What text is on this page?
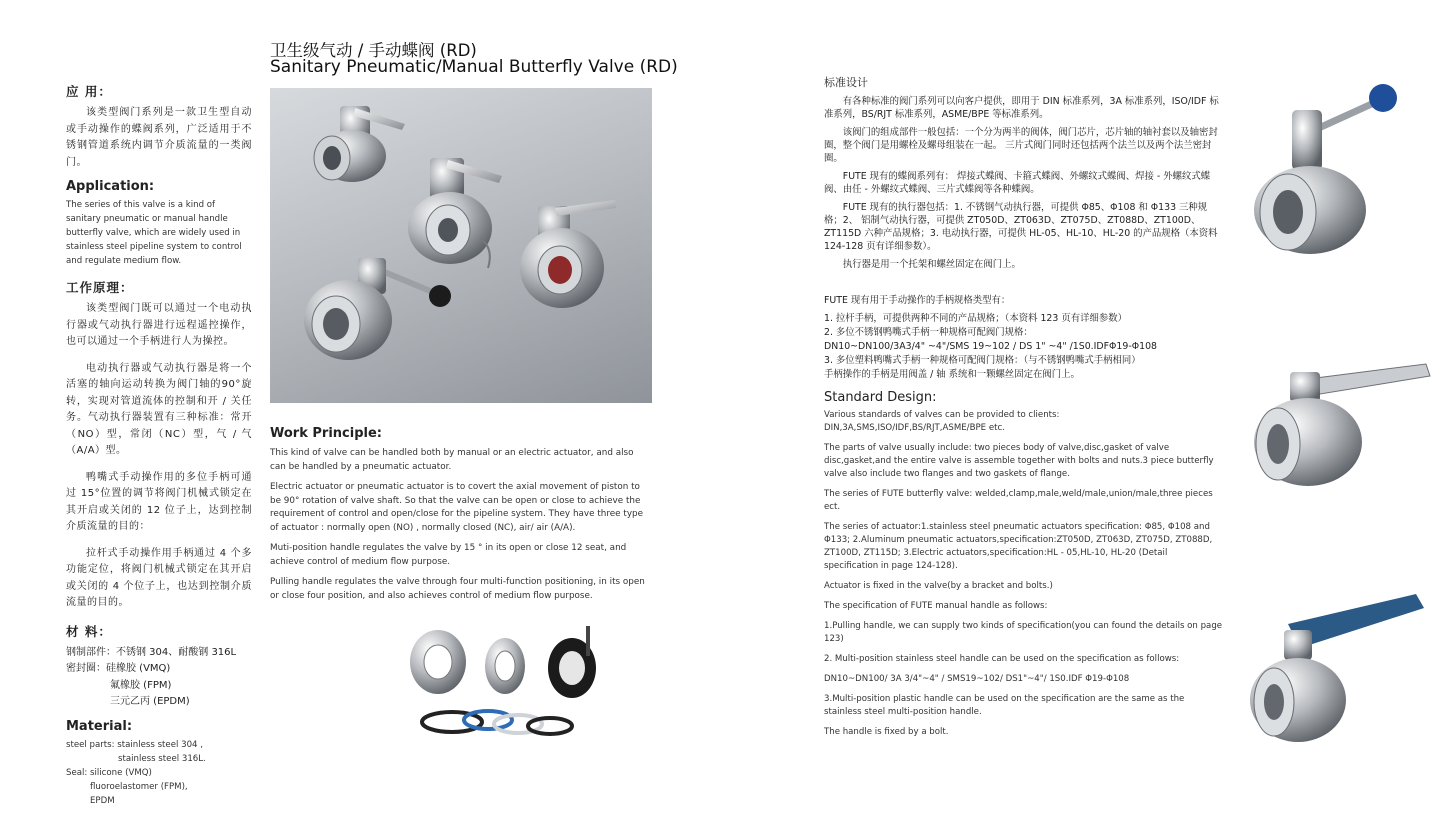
卫生级气动 / 手动蝶阀 (RD)
Sanitary Pneumatic/Manual Butterfly Valve (RD)
应 用：
该类型阀门系列是一款卫生型自动或手动操作的蝶阀系列，广泛适用于不锈钢管道系统内调节介质流量的一类阀门。
Application:
The series of this valve is a kind of sanitary pneumatic or manual handle butterfly valve, which are widely used in stainless steel pipeline system to control and regulate medium flow.
工作原理：
该类型阀门既可以通过一个电动执行器或气动执行器进行远程遥控操作，也可以通过一个手柄进行人为操控。
电动执行器或气动执行器是将一个活塞的轴向运动转换为阀门轴的90°旋转，实现对管道流体的控制和开 / 关任务。气动执行器装置有三种标准：常开（NO）型，常闭（NC）型，气 / 气（A/A）型。
鸭嘴式手动操作用的多位手柄可通过 15°位置的调节将阀门机械式锁定在其开启或关闭的 12 位子上，达到控制介质流量的目的：
拉杆式手动操作用手柄通过 4 个多功能定位，将阀门机械式锁定在其开启或关闭的 4 个位子上，也达到控制介质流量的目的。
材 料：
钢制部件：不锈钢 304、耐酸钢 316L
密封圈：硅橡胶 (VMQ)
氟橡胶 (FPM)
三元乙丙 (EPDM)
Material:
steel parts: stainless steel 304 ,
stainless steel 316L.
Seal: silicone (VMQ)
fluoroelastomer (FPM),
EPDM
Work Principle:
This kind of valve can be handled both by manual or an electric actuator, and also can be handled by a pneumatic actuator.
Electric actuator or pneumatic actuator is to covert the axial movement of piston to be 90° rotation of valve shaft. So that the valve can be open or close to achieve the requirement of control and open/close for the pipeline system. They have three type of actuator : normally open (NO) , normally closed (NC), air/ air (A/A).
Muti-position handle regulates the valve by 15 ° in its open or close 12 seat, and achieve control of medium flow purpose.
Pulling handle regulates the valve through four multi-function positioning, in its open or close four position, and also achieves control of medium flow purpose.
标准设计
有各种标准的阀门系列可以向客户提供，即用于 DIN 标准系列，3A 标准系列，ISO/IDF 标准系列，BS/RJT 标准系列，ASME/BPE 等标准系列。
该阀门的组成部件一般包括：一个分为两半的阀体，阀门芯片，芯片轴的轴衬套以及轴密封圈，整个阀门是用螺栓及螺母组装在一起。 三片式阀门同时还包括两个法兰以及两个法兰密封圈。
FUTE 现有的蝶阀系列有： 焊接式蝶阀、卡箍式蝶阀、外螺纹式蝶阀、焊接 - 外螺纹式蝶阀、由任 - 外螺纹式蝶阀、三片式蝶阀等各种蝶阀。
FUTE 现有的执行器包括：1. 不锈钢气动执行器，可提供 Φ85、Φ108 和 Φ133 三种规格；2、 铝制气动执行器，可提供 ZT050D、ZT063D、ZT075D、ZT088D、ZT100D、ZT115D 六种产品规格；3. 电动执行器，可提供 HL-05、HL-10、HL-20 的产品规格（本资料 124-128 页有详细参数）。
执行器是用一个托架和螺丝固定在阀门上。
FUTE 现有用于手动操作的手柄规格类型有：
1. 拉杆手柄，可提供两种不同的产品规格；（本资料 123 页有详细参数）
2. 多位不锈钢鸭嘴式手柄一种规格可配阀门规格：
DN10~DN100/3A3/4" ~4"/SMS 19~102 / DS 1" ~4" /1S0.IDFΦ19-Φ108
3. 多位塑料鸭嘴式手柄一种规格可配阀门规格：（与不锈钢鸭嘴式手柄相同）
手柄操作的手柄是用阀盖 / 轴 系统和一颗螺丝固定在阀门上。
Standard Design:
Various standards of valves can be provided to clients: DIN,3A,SMS,ISO/IDF,BS/RJT,ASME/BPE etc.
The parts of valve usually include: two pieces body of valve,disc,gasket of valve disc,gasket,and the entire valve is assemble together with bolts and nuts.3 piece butterfly valve also include two flanges and two gaskets of flange.
The series of FUTE butterfly valve: welded,clamp,male,weld/male,union/male,three pieces ect.
The series of actuator:1.stainless steel pneumatic actuators specification: Φ85, Φ108 and Φ133; 2.Aluminum pneumatic actuators,specification:ZT050D, ZT063D, ZT075D, ZT088D, ZT100D, ZT115D; 3.Electric actuators,specification:HL - 05,HL-10, HL-20 (Detail specification in page 124-128).
Actuator is fixed in the valve(by a bracket and bolts.)
The specification of FUTE manual handle as follows:
1.Pulling handle, we can supply two kinds of specification(you can found the details on page 123)
2. Multi-position stainless steel handle can be used on the specification as follows:
DN10~DN100/ 3A 3/4"~4" / SMS19~102/ DS1"~4"/ 1S0.IDF Φ19-Φ108
3.Multi-position plastic handle can be used on the specification are the same as the stainless steel multi-position handle.
The handle is fixed by a bolt.
